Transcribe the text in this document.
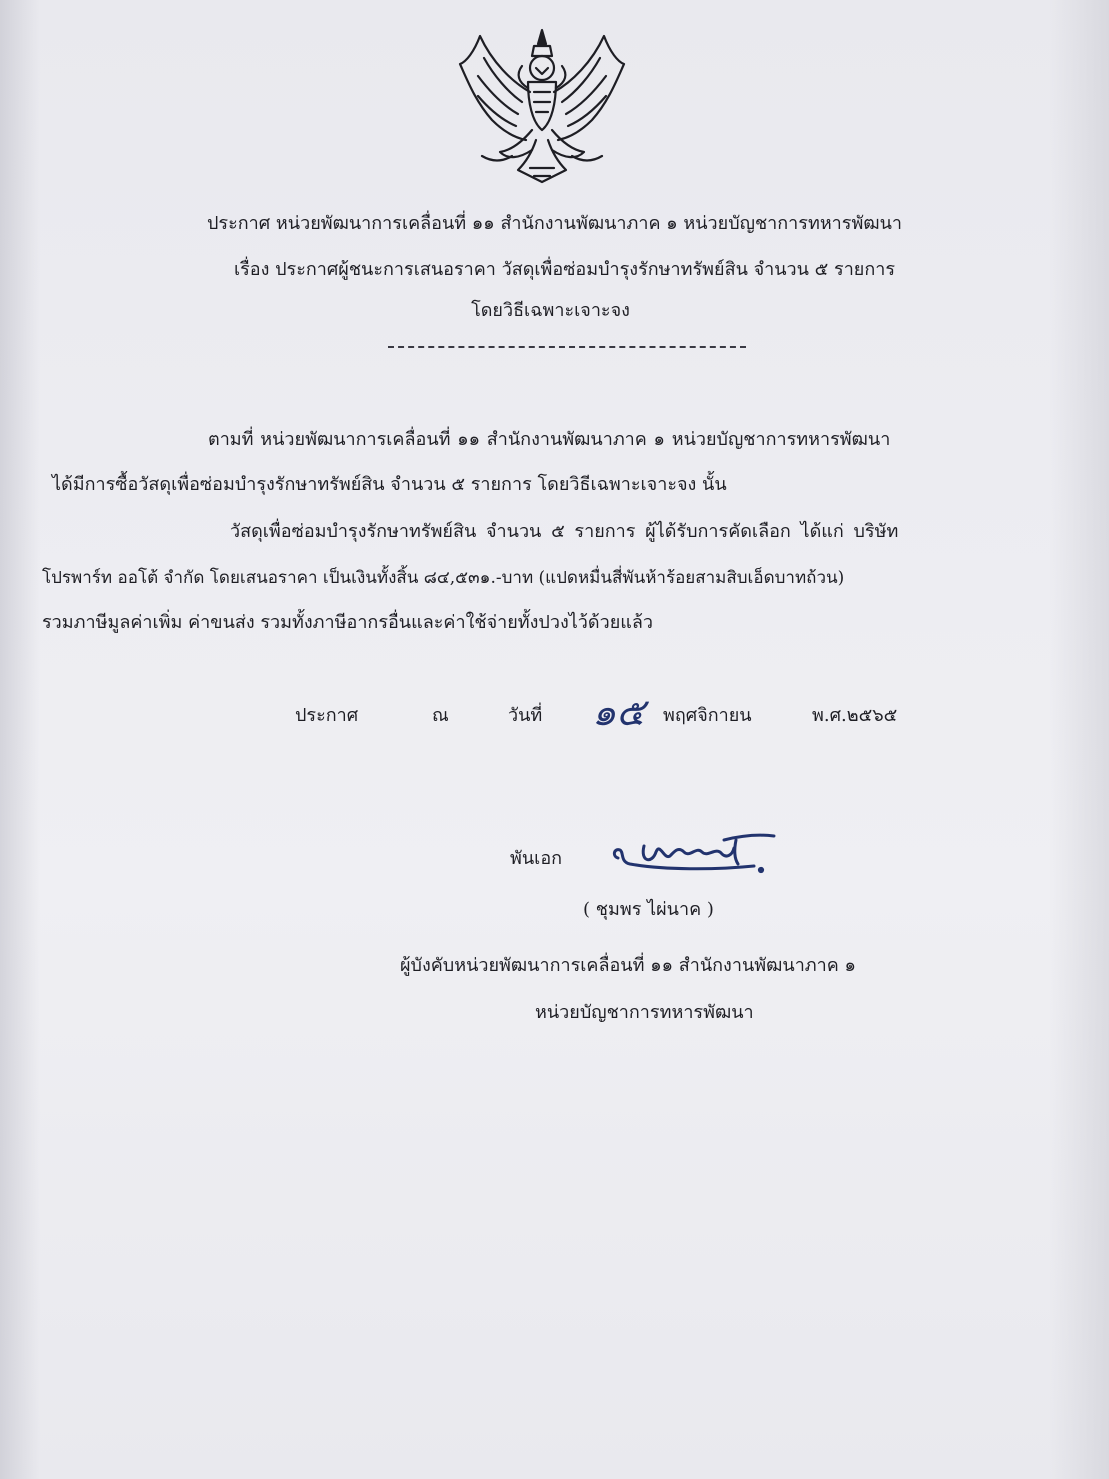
ประกาศ หน่วยพัฒนาการเคลื่อนที่ ๑๑ สำนักงานพัฒนาภาค ๑ หน่วยบัญชาการทหารพัฒนา
เรื่อง ประกาศผู้ชนะการเสนอราคา วัสดุเพื่อซ่อมบำรุงรักษาทรัพย์สิน จำนวน ๕ รายการ
โดยวิธีเฉพาะเจาะจง
ตามที่ หน่วยพัฒนาการเคลื่อนที่ ๑๑ สำนักงานพัฒนาภาค ๑ หน่วยบัญชาการทหารพัฒนา
ได้มีการซื้อวัสดุเพื่อซ่อมบำรุงรักษาทรัพย์สิน จำนวน ๕ รายการ โดยวิธีเฉพาะเจาะจง นั้น
วัสดุเพื่อซ่อมบำรุงรักษาทรัพย์สิน จำนวน ๕ รายการ ผู้ได้รับการคัดเลือก ได้แก่ บริษัท
โปรพาร์ท ออโต้ จำกัด โดยเสนอราคา เป็นเงินทั้งสิ้น ๘๔,๕๓๑.-บาท (แปดหมื่นสี่พันห้าร้อยสามสิบเอ็ดบาทถ้วน)
รวมภาษีมูลค่าเพิ่ม ค่าขนส่ง รวมทั้งภาษีอากรอื่นและค่าใช้จ่ายทั้งปวงไว้ด้วยแล้ว
ประกาศ	ณ	วันที่ ๑๕ พฤศจิกายน	พ.ศ.๒๕๖๕
พันเอก
( ชุมพร ไผ่นาค )
ผู้บังคับหน่วยพัฒนาการเคลื่อนที่ ๑๑ สำนักงานพัฒนาภาค ๑
หน่วยบัญชาการทหารพัฒนา
